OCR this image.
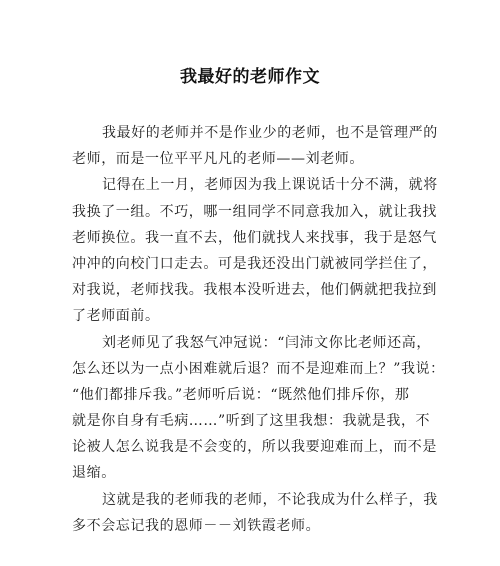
我最好的老师作文
我最好的老师并不是作业少的老师，也不是管理严的
老师，而是一位平平凡凡的老师——刘老师。
记得在上一月，老师因为我上课说话十分不满，就将
我换了一组。不巧，哪一组同学不同意我加入，就让我找
老师换位。我一直不去，他们就找人来找事，我于是怒气
冲冲的向校门口走去。可是我还没出门就被同学拦住了，
对我说，老师找我。我根本没听进去，他们俩就把我拉到
了老师面前。
刘老师见了我怒气冲冠说：“闫沛文你比老师还高，
怎么还以为一点小困难就后退？而不是迎难而上？”我说：
“他们都排斥我。”老师听后说：“既然他们排斥你，那
就是你自身有毛病……”听到了这里我想：我就是我，不
论被人怎么说我是不会变的，所以我要迎难而上，而不是
退缩。
这就是我的老师我的老师，不论我成为什么样子，我
多不会忘记我的恩师－－刘铁霞老师。
